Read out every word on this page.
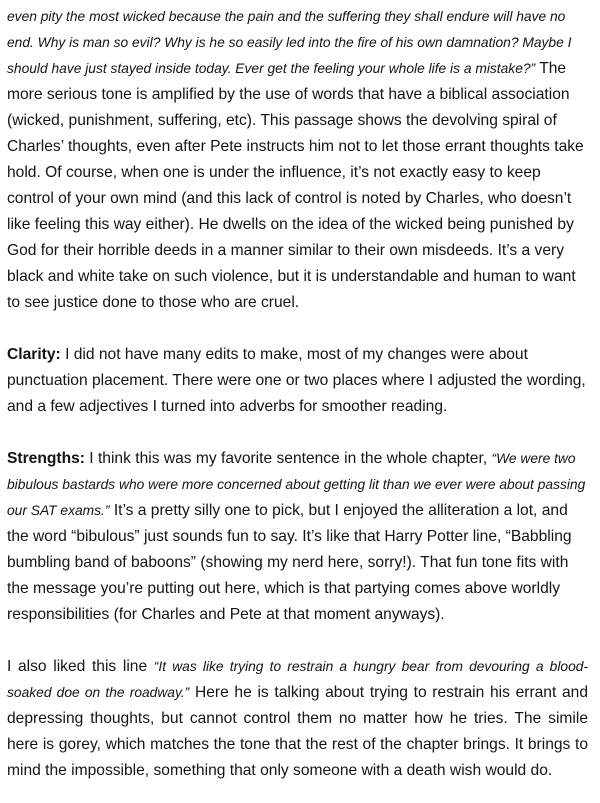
even pity the most wicked because the pain and the suffering they shall endure will have no end. Why is man so evil? Why is he so easily led into the fire of his own damnation? Maybe I should have just stayed inside today. Ever get the feeling your whole life is a mistake?” The more serious tone is amplified by the use of words that have a biblical association (wicked, punishment, suffering, etc). This passage shows the devolving spiral of Charles’ thoughts, even after Pete instructs him not to let those errant thoughts take hold. Of course, when one is under the influence, it’s not exactly easy to keep control of your own mind (and this lack of control is noted by Charles, who doesn’t like feeling this way either). He dwells on the idea of the wicked being punished by God for their horrible deeds in a manner similar to their own misdeeds. It’s a very black and white take on such violence, but it is understandable and human to want to see justice done to those who are cruel.

Clarity: I did not have many edits to make, most of my changes were about punctuation placement. There were one or two places where I adjusted the wording, and a few adjectives I turned into adverbs for smoother reading.

Strengths: I think this was my favorite sentence in the whole chapter, “We were two bibulous bastards who were more concerned about getting lit than we ever were about passing our SAT exams.” It’s a pretty silly one to pick, but I enjoyed the alliteration a lot, and the word “bibulous” just sounds fun to say. It’s like that Harry Potter line, “Babbling bumbling band of baboons” (showing my nerd here, sorry!). That fun tone fits with the message you’re putting out here, which is that partying comes above worldly responsibilities (for Charles and Pete at that moment anyways).

I also liked this line “It was like trying to restrain a hungry bear from devouring a blood-soaked doe on the roadway.” Here he is talking about trying to restrain his errant and depressing thoughts, but cannot control them no matter how he tries. The simile here is gorey, which matches the tone that the rest of the chapter brings. It brings to mind the impossible, something that only someone with a death wish would do.
